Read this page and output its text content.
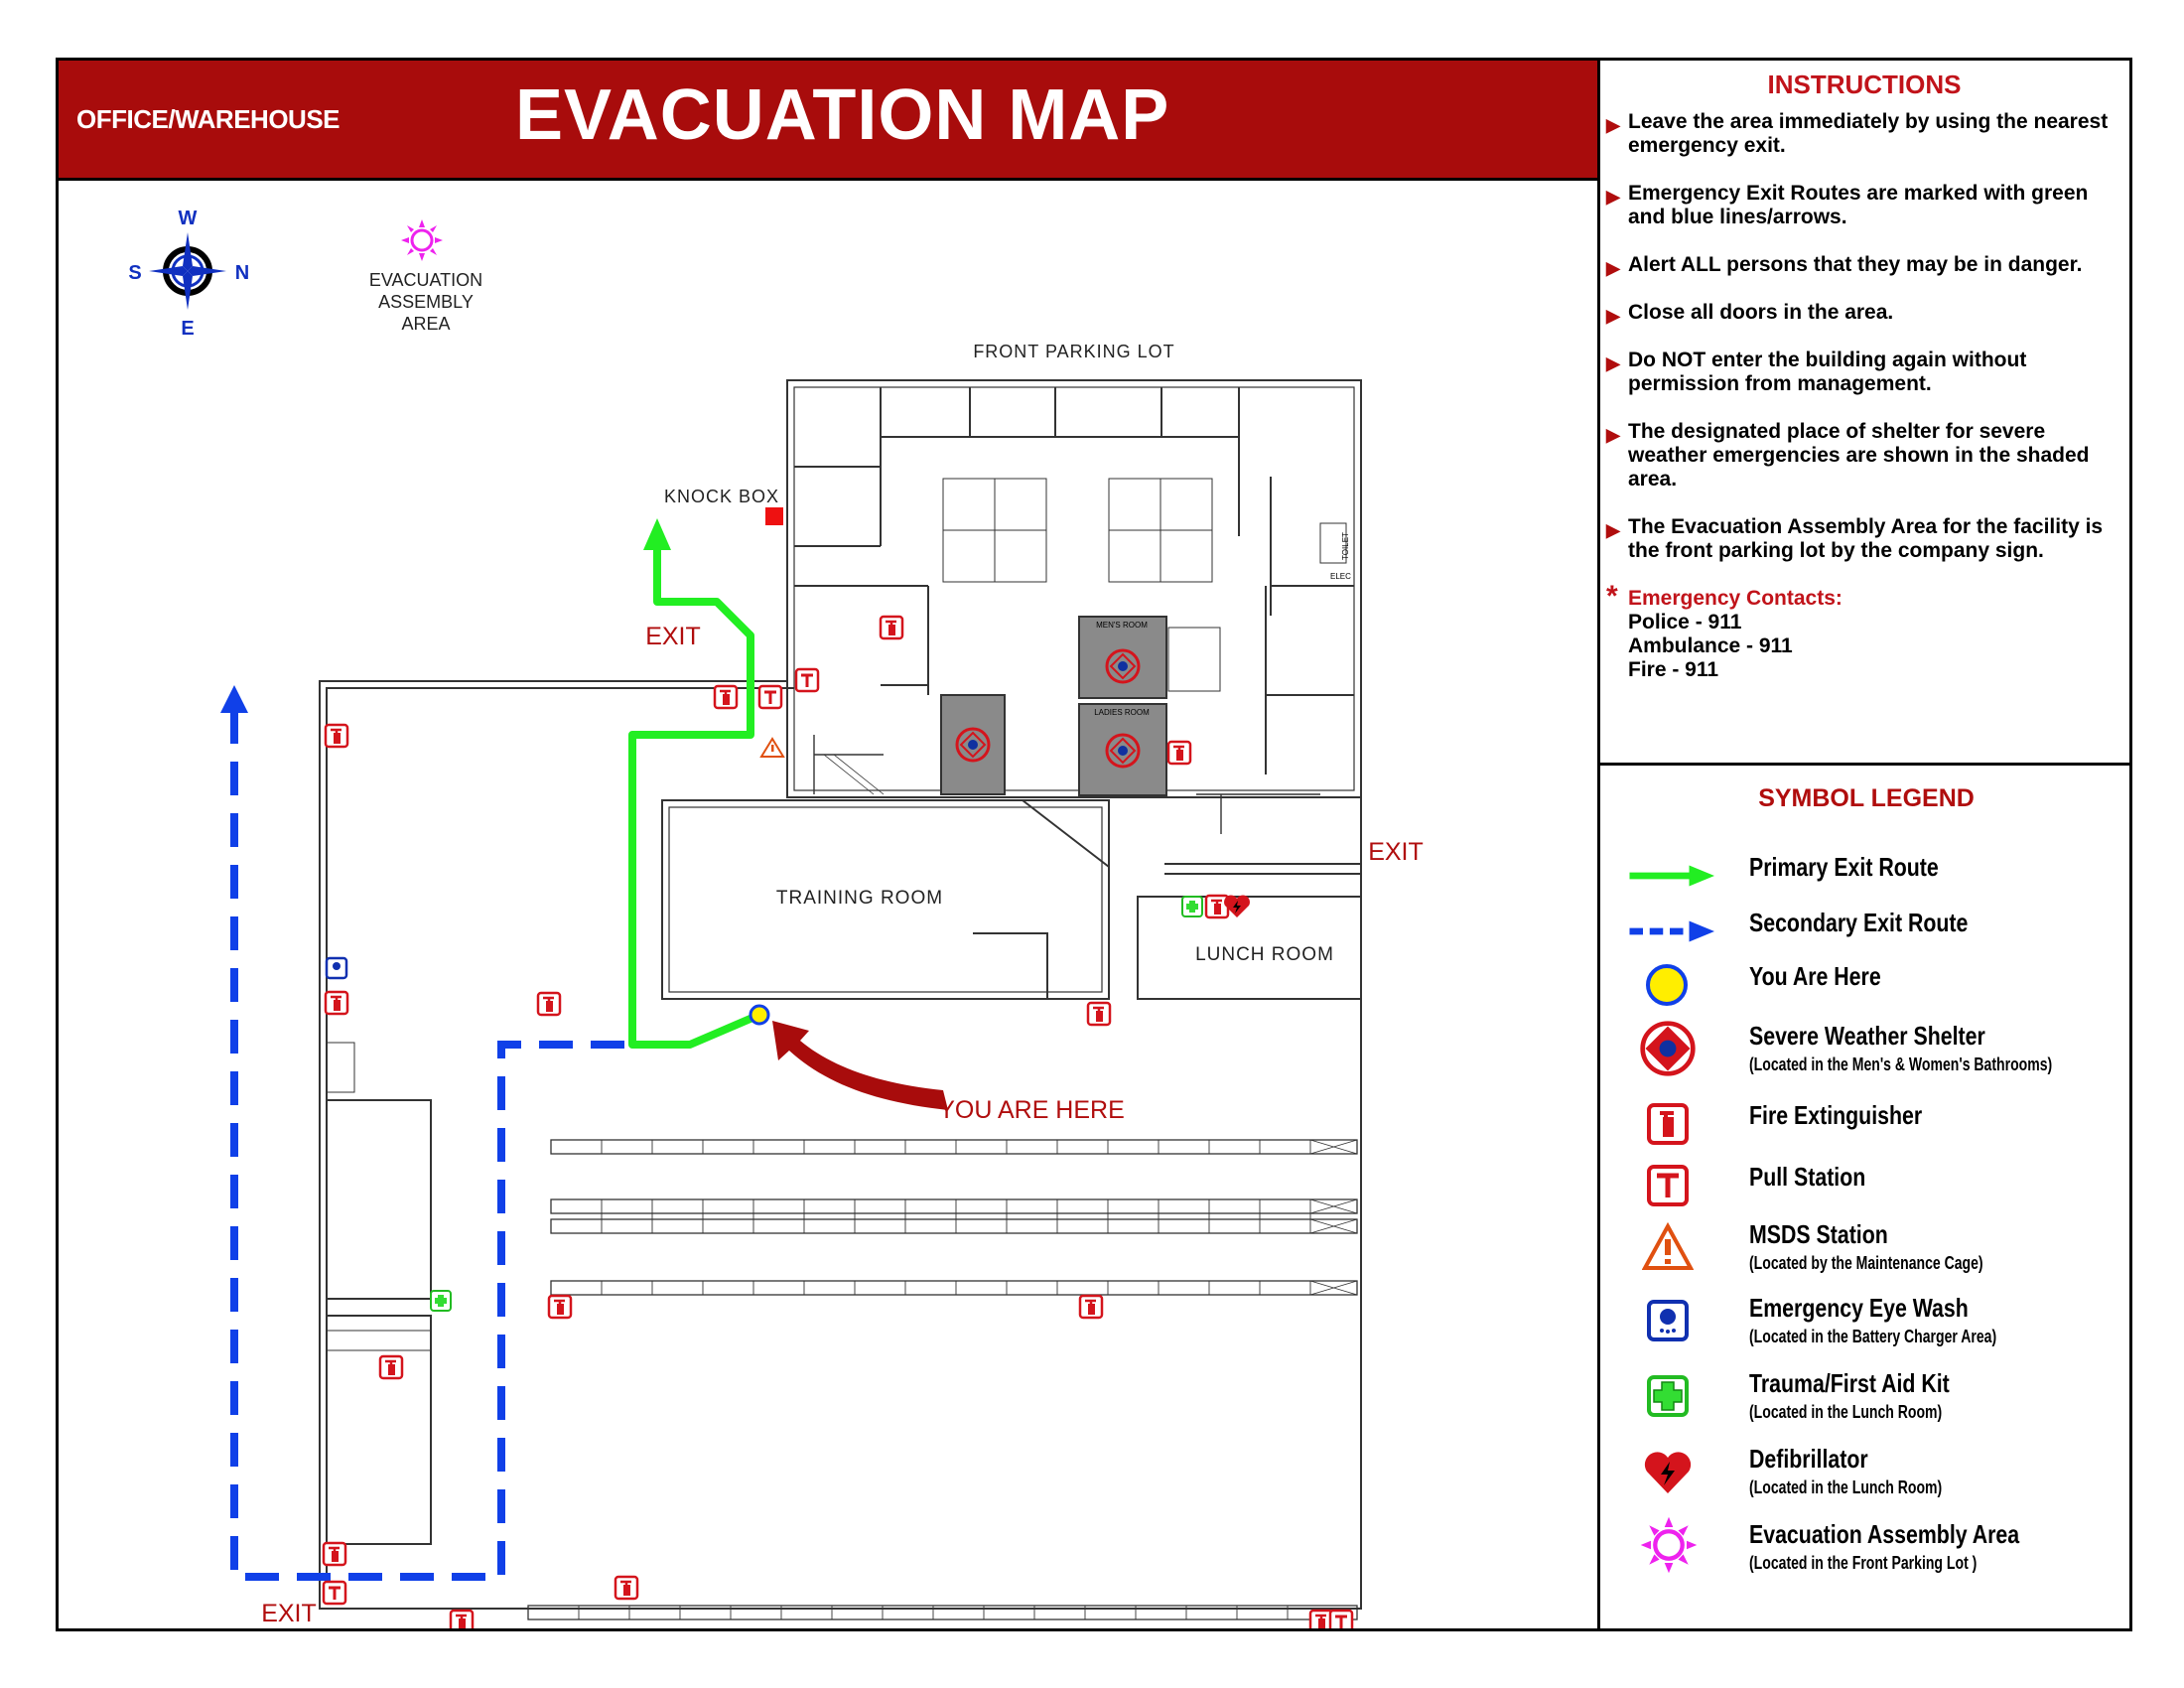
OFFICE/WAREHOUSE EVACUATION MAP	INSTRUCTIONS
▶ Leave the area immediately by using the nearest emergency exit.
▶ Emergency Exit Routes are marked with green and blue lines/arrows.
▶ Alert ALL persons that they may be in danger.
▶ Close all doors in the area.
▶ Do NOT enter the building again without permission from management.
▶ The designated place of shelter for severe weather emergencies are shown in the shaded area.
▶ The Evacuation Assembly Area for the facility is the front parking lot by the company sign.
* Emergency Contacts:
Police - 911
Ambulance - 911
Fire - 911
SYMBOL LEGEND
Primary Exit Route
Secondary Exit Route
You Are Here
Severe Weather Shelter
(Located in the Men's & Women's Bathrooms)
Fire Extinguisher
Pull Station
MSDS Station
(Located by the Maintenance Cage)
Emergency Eye Wash
(Located in the Battery Charger Area)
Trauma/First Aid Kit
(Located in the Lunch Room)
Defibrillator
(Located in the Lunch Room)
Evacuation Assembly Area
(Located in the Front Parking Lot )
W
E
S	N	EVACUATION
ASSEMBLY
AREA
FRONT PARKING LOT
MEN'S ROOM
LADIES ROOM
TOILET
ELEC
KNOCK BOX
TRAINING ROOM
LUNCH ROOM
EXIT
EXIT
EXIT
YOU ARE HERE
